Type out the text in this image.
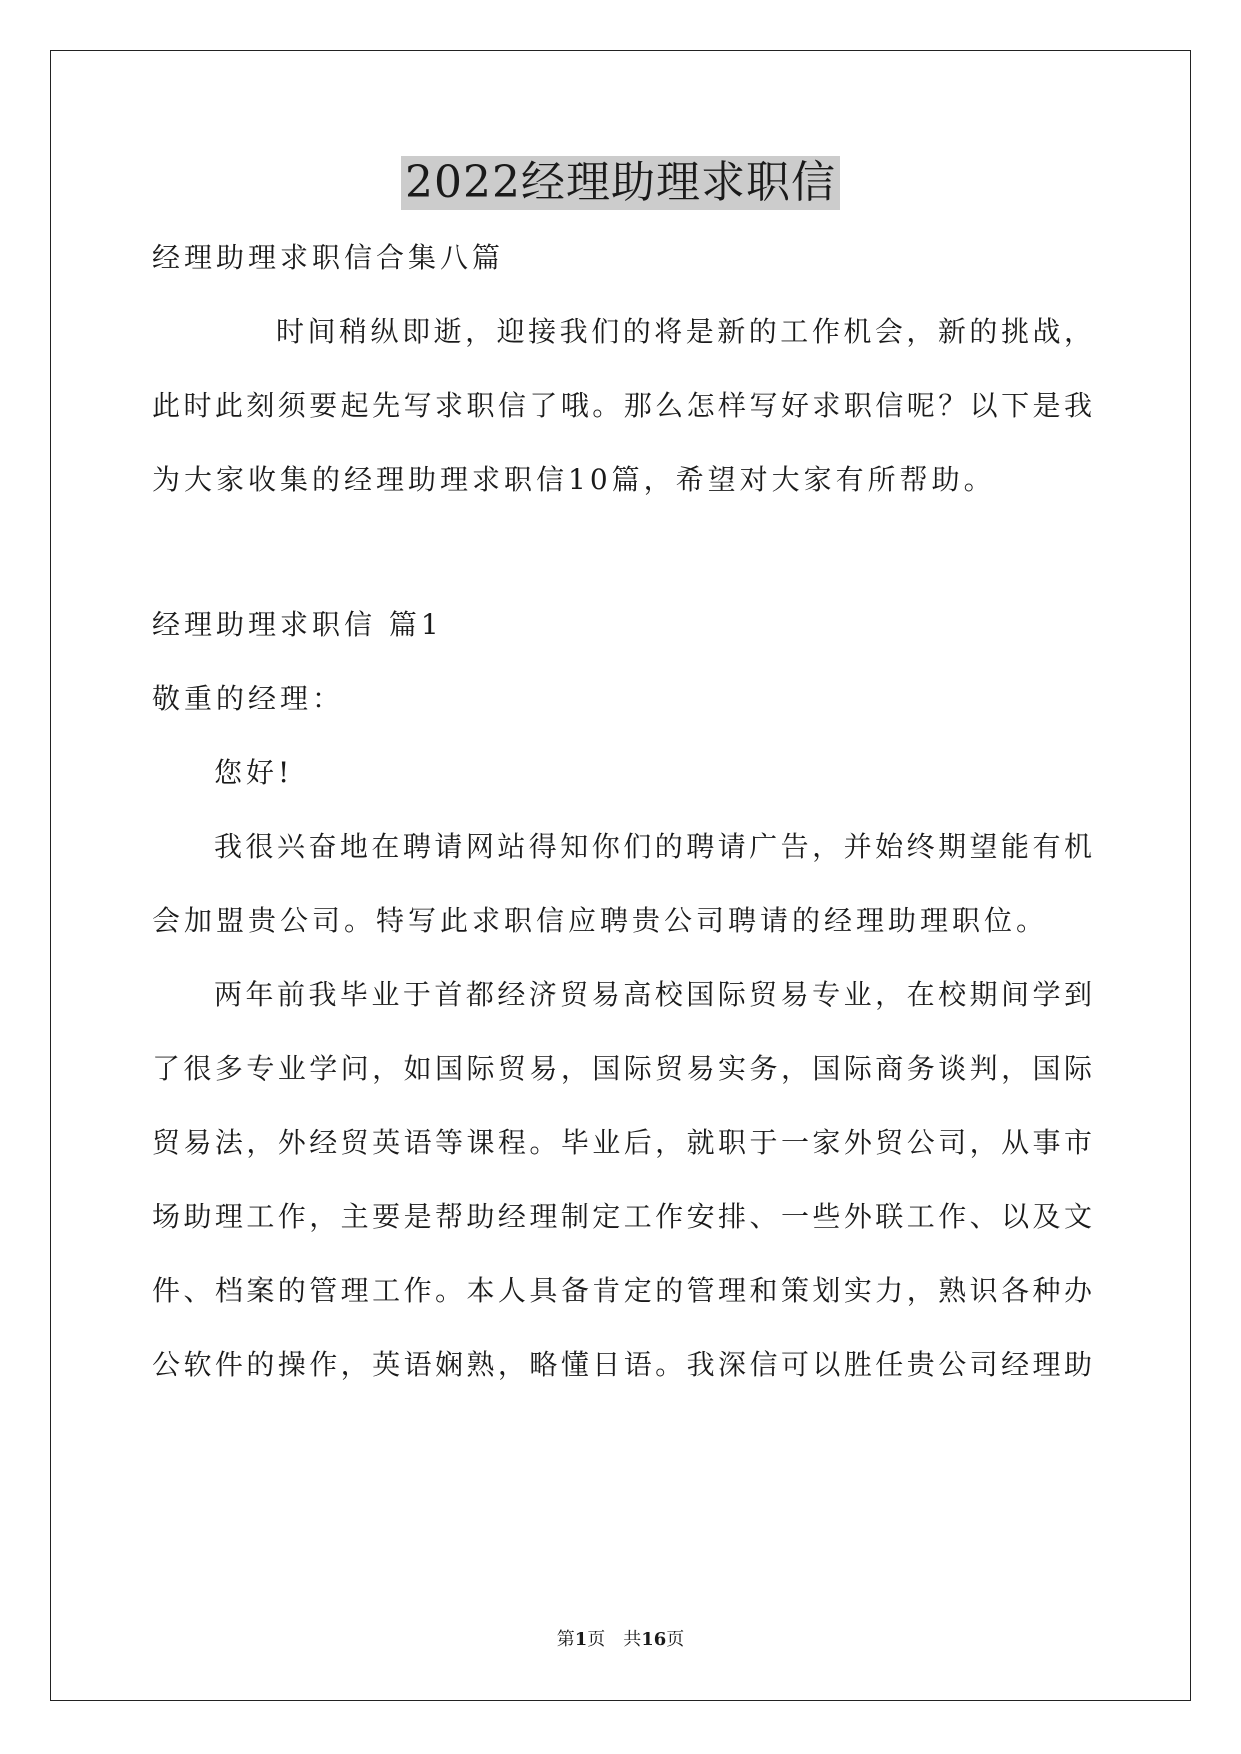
2022经理助理求职信

经理助理求职信合集八篇

时间稍纵即逝，迎接我们的将是新的工作机会，新的挑战，

此时此刻须要起先写求职信了哦。那么怎样写好求职信呢？以下是我

为大家收集的经理助理求职信10篇，希望对大家有所帮助。

经理助理求职信 篇1

敬重的经理：

您好!

我很兴奋地在聘请网站得知你们的聘请广告，并始终期望能有机

会加盟贵公司。特写此求职信应聘贵公司聘请的经理助理职位。

两年前我毕业于首都经济贸易高校国际贸易专业，在校期间学到

了很多专业学问，如国际贸易，国际贸易实务，国际商务谈判，国际

贸易法，外经贸英语等课程。毕业后，就职于一家外贸公司，从事市

场助理工作，主要是帮助经理制定工作安排、一些外联工作、以及文

件、档案的管理工作。本人具备肯定的管理和策划实力，熟识各种办

公软件的操作，英语娴熟，略懂日语。我深信可以胜任贵公司经理助

第1页　共16页
